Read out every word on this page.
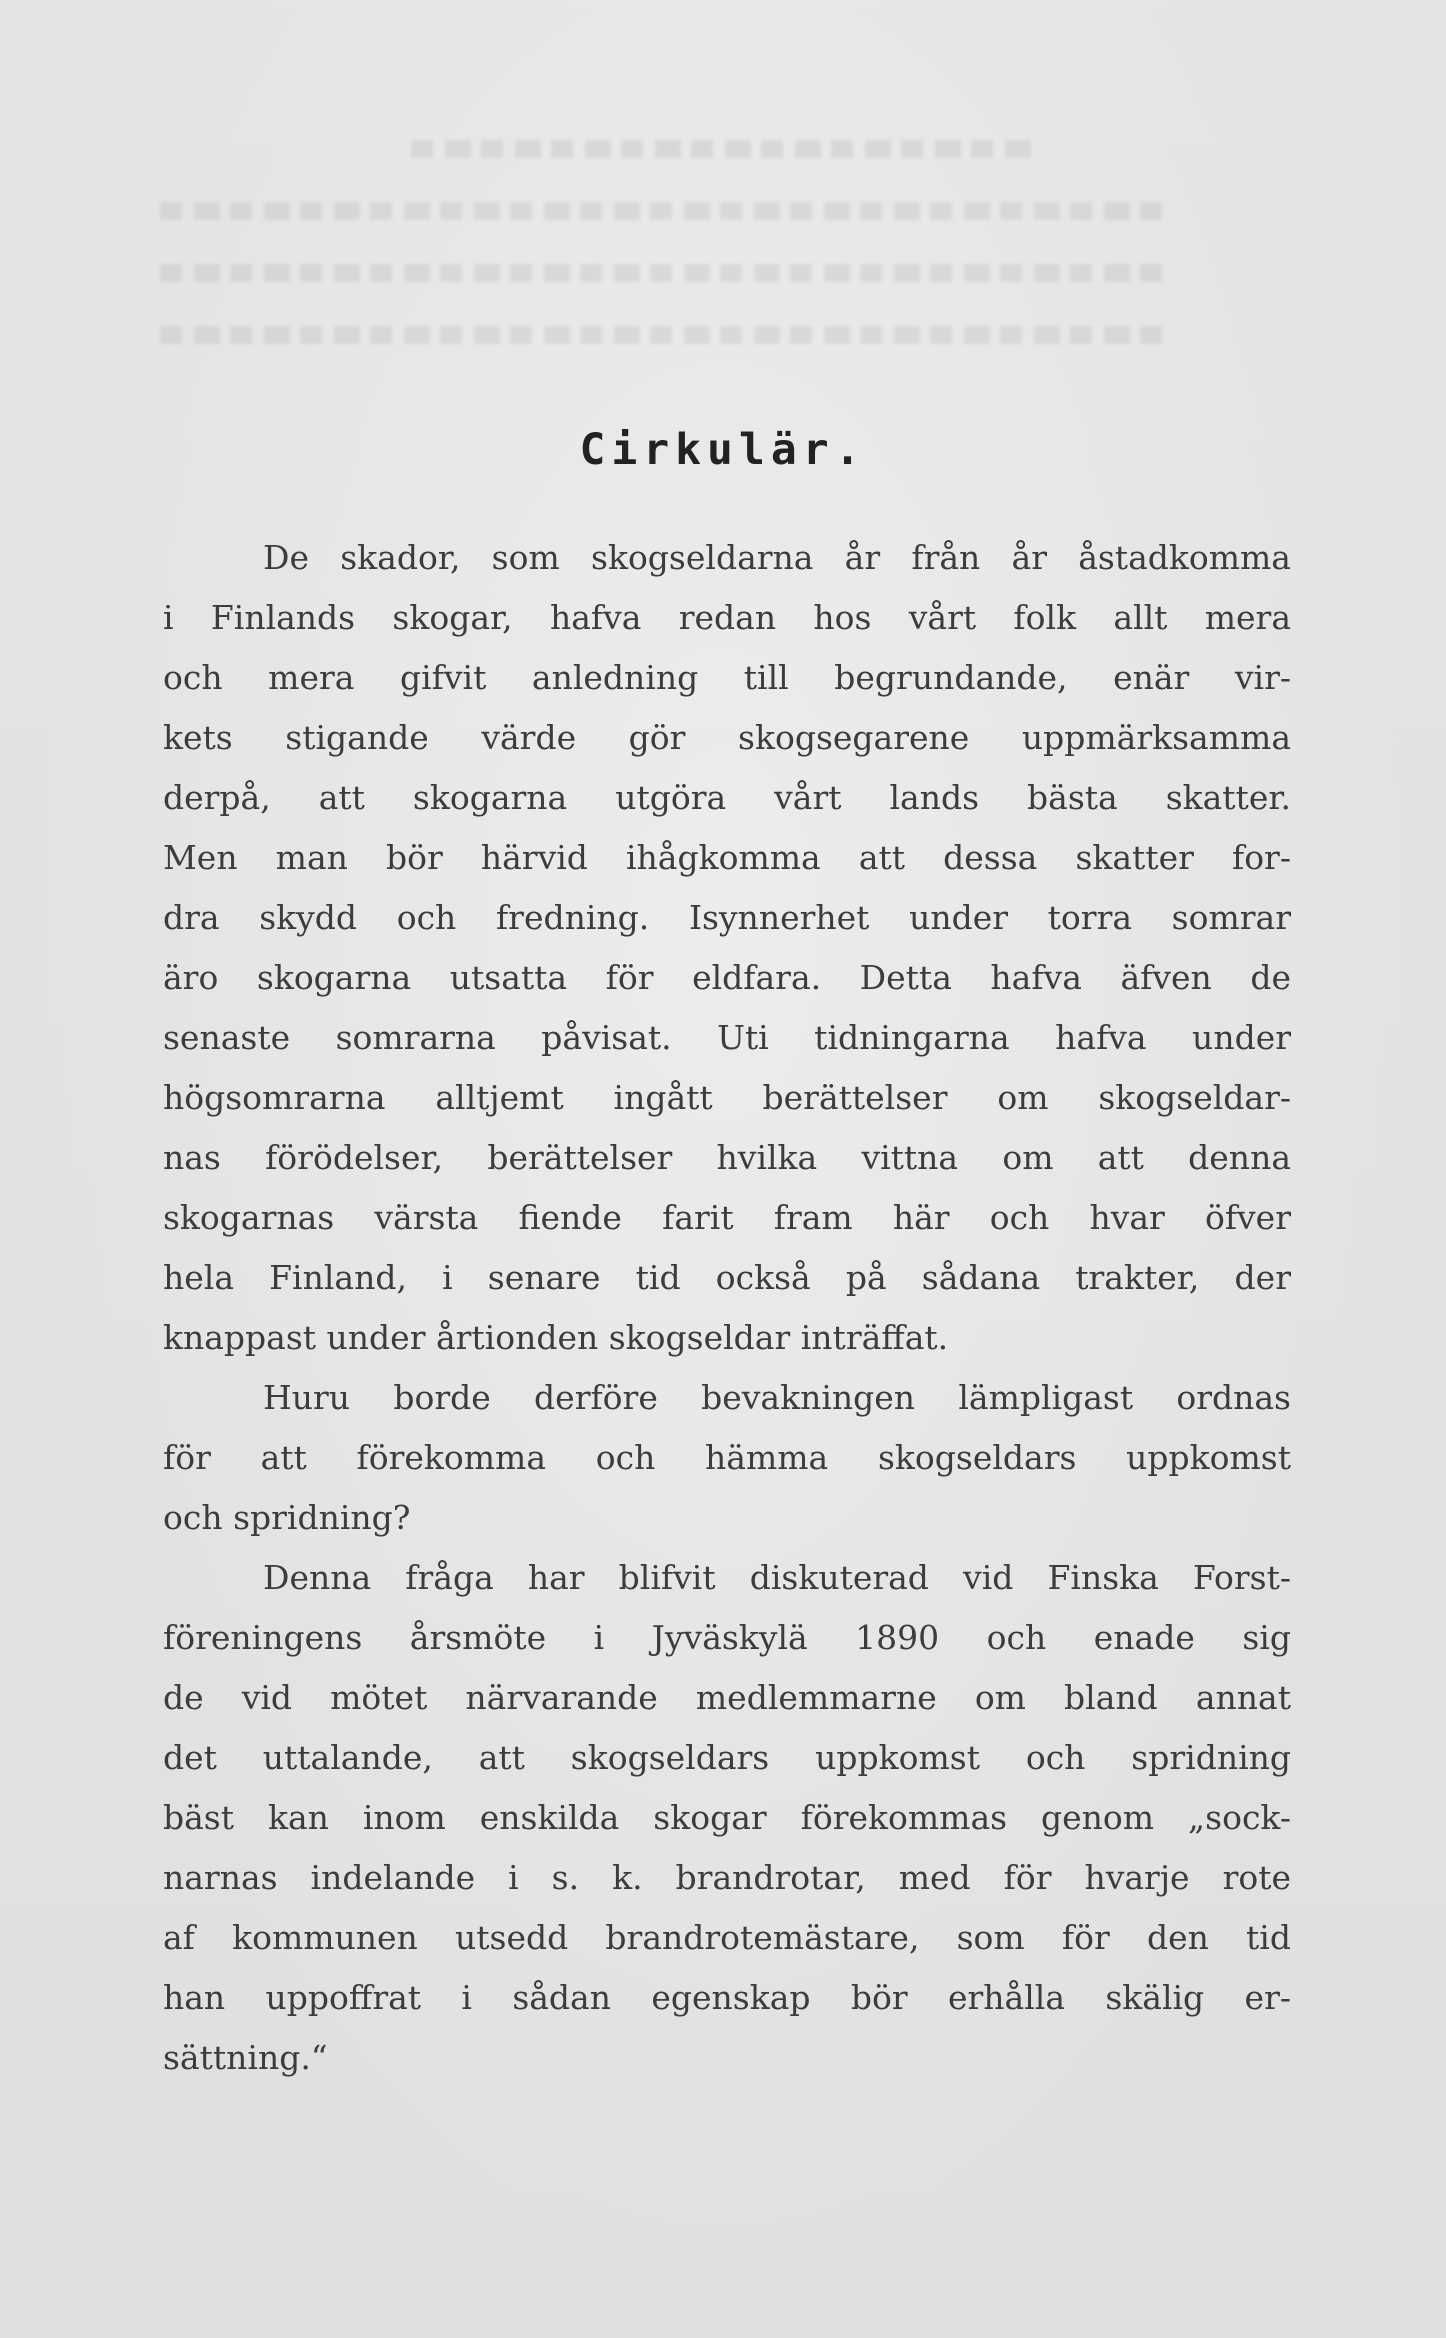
Cirkulär.
De skador, som skogseldarna år från år åstadkomma
i Finlands skogar, hafva redan hos vårt folk allt mera
och mera gifvit anledning till begrundande, enär vir-
kets stigande värde gör skogsegarene uppmärksamma
derpå, att skogarna utgöra vårt lands bästa skatter.
Men man bör härvid ihågkomma att dessa skatter for-
dra skydd och fredning. Isynnerhet under torra somrar
äro skogarna utsatta för eldfara. Detta hafva äfven de
senaste somrarna påvisat. Uti tidningarna hafva under
högsomrarna alltjemt ingått berättelser om skogseldar-
nas förödelser, berättelser hvilka vittna om att denna
skogarnas värsta fiende farit fram här och hvar öfver
hela Finland, i senare tid också på sådana trakter, der
knappast under årtionden skogseldar inträffat.
Huru borde derföre bevakningen lämpligast ordnas
för att förekomma och hämma skogseldars uppkomst
och spridning?
Denna fråga har blifvit diskuterad vid Finska Forst-
föreningens årsmöte i Jyväskylä 1890 och enade sig
de vid mötet närvarande medlemmarne om bland annat
det uttalande, att skogseldars uppkomst och spridning
bäst kan inom enskilda skogar förekommas genom „sock-
narnas indelande i s. k. brandrotar, med för hvarje rote
af kommunen utsedd brandrotemästare, som för den tid
han uppoffrat i sådan egenskap bör erhålla skälig er-
sättning.“
